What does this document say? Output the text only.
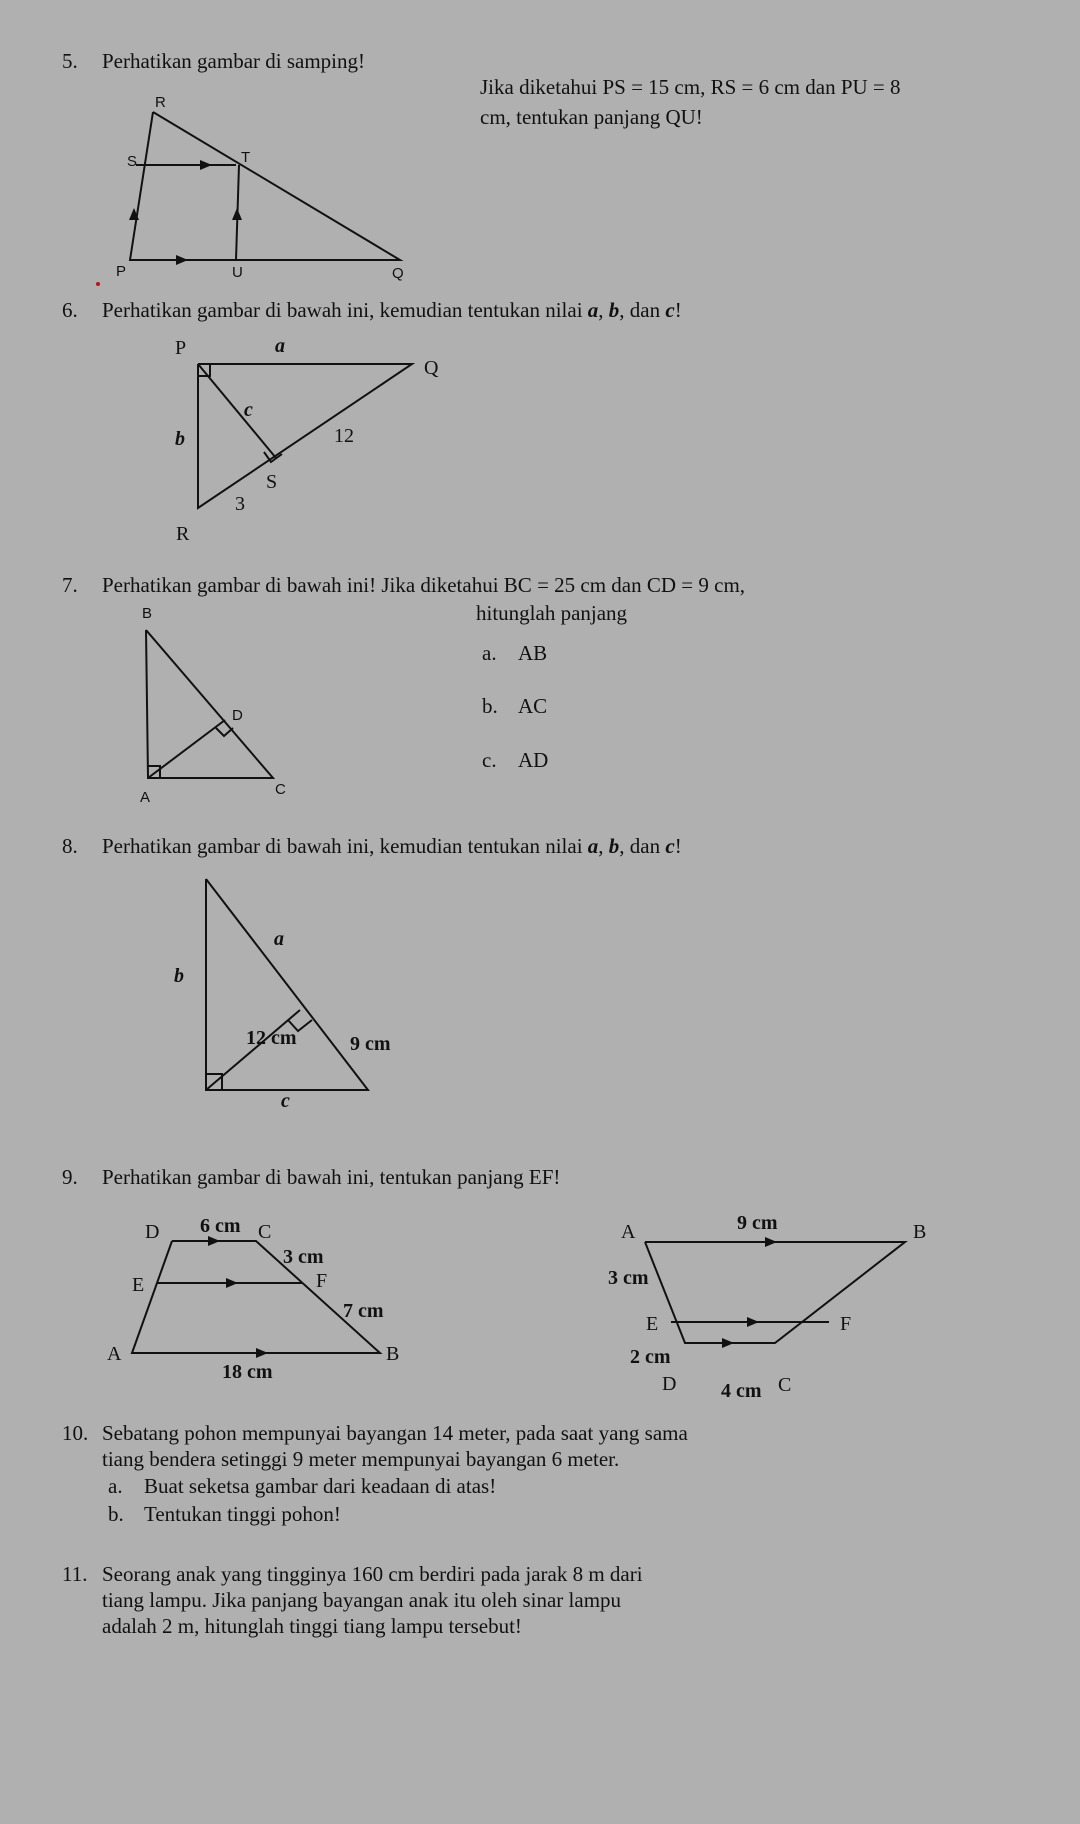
5. Perhatikan gambar di samping!
Jika diketahui PS = 15 cm, RS = 6 cm dan PU = 8
cm, tentukan panjang QU!
R
S	T
P	U	Q
6. Perhatikan gambar di bawah ini, kemudian tentukan nilai a, b, dan c!
P	a
Q
c
b	12
S
3
R
7. Perhatikan gambar di bawah ini! Jika diketahui BC = 25 cm dan CD = 9 cm,
hitunglah panjang
a. AB
b. AC
c. AD
B
D
A	C
8. Perhatikan gambar di bawah ini, kemudian tentukan nilai a, b, dan c!
a
b
12 cm	9 cm
c
9. Perhatikan gambar di bawah ini, tentukan panjang EF!
D 6 cm C
3 cm
E	F
7 cm
A
18 cm
B
A	9 cm	B
3 cm
E	F
2 cm
D 4 cm C
10. Sebatang pohon mempunyai bayangan 14 meter, pada saat yang sama
tiang bendera setinggi 9 meter mempunyai bayangan 6 meter.
a. Buat seketsa gambar dari keadaan di atas!
b. Tentukan tinggi pohon!
11. Seorang anak yang tingginya 160 cm berdiri pada jarak 8 m dari
tiang lampu. Jika panjang bayangan anak itu oleh sinar lampu
adalah 2 m, hitunglah tinggi tiang lampu tersebut!
